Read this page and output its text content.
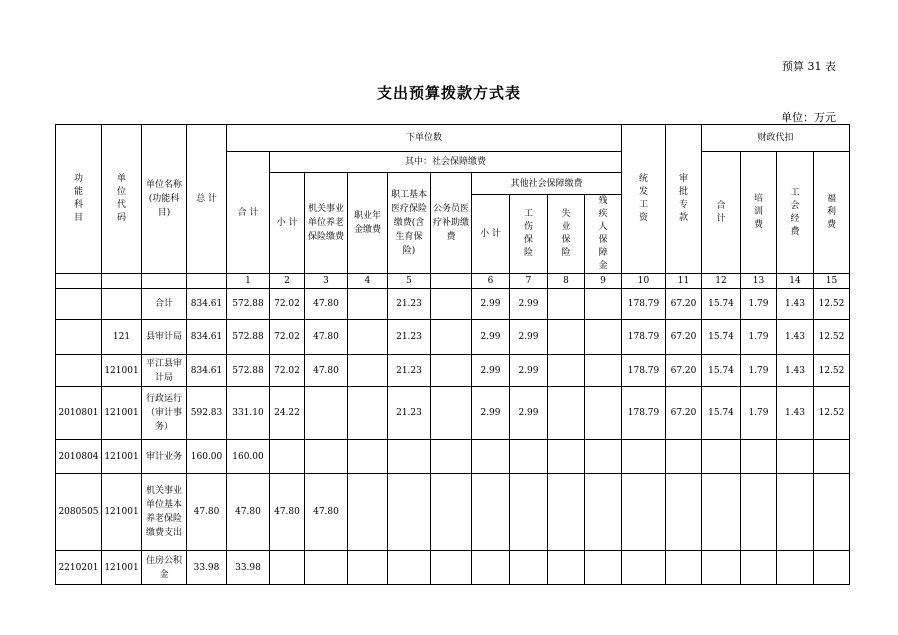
预算 31 表
支出预算拨款方式表
单位：万元
功能科目	单位代码	单位名称(功能科目)	总 计	下单位数										统发工资	审批专款	财政代扣			
				合 计	其中：社会保障缴费											合计	培训费	工会经费	福利费
					小 计	机关事业单位养老保险缴费	职业年金缴费	职工基本医疗保险缴费(含生育保险)	公务员医疗补助缴费	其他社会保障缴费									
										小 计	工伤保险	失业保险	残疾人保障金						
				1	2	3	4	5		6	7	8	9	10	11	12	13	14	15
		合计	834.61	572.88	72.02	47.80		21.23		2.99	2.99			178.79	67.20	15.74	1.79	1.43	12.52
	121	县审计局	834.61	572.88	72.02	47.80		21.23		2.99	2.99			178.79	67.20	15.74	1.79	1.43	12.52
	121001	平江县审计局	834.61	572.88	72.02	47.80		21.23		2.99	2.99			178.79	67.20	15.74	1.79	1.43	12.52
2010801	121001	行政运行（审计事务）	592.83	331.10	24.22			21.23		2.99	2.99			178.79	67.20	15.74	1.79	1.43	12.52
2010804	121001	审计业务	160.00	160.00															
2080505	121001	机关事业单位基本养老保险缴费支出	47.80	47.80	47.80	47.80													
2210201	121001	住房公积金	33.98	33.98															
